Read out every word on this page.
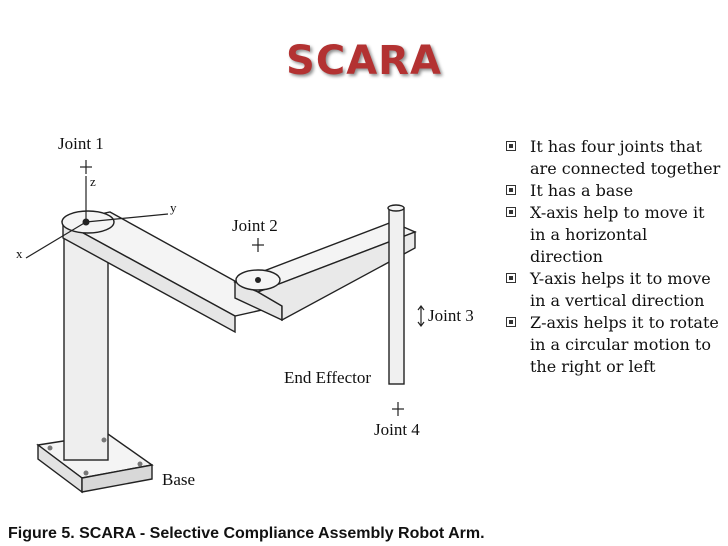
SCARA
Joint 1
z
y
x
Joint 2
Joint 3
End Effector
Joint 4
Base
Figure 5. SCARA - Selective Compliance Assembly Robot Arm.
It has four joints that are connected together
It has a base
X-axis help to move it in a horizontal direction
Y-axis helps it to move in a vertical direction
Z-axis helps it to rotate in a circular motion to the right or left
